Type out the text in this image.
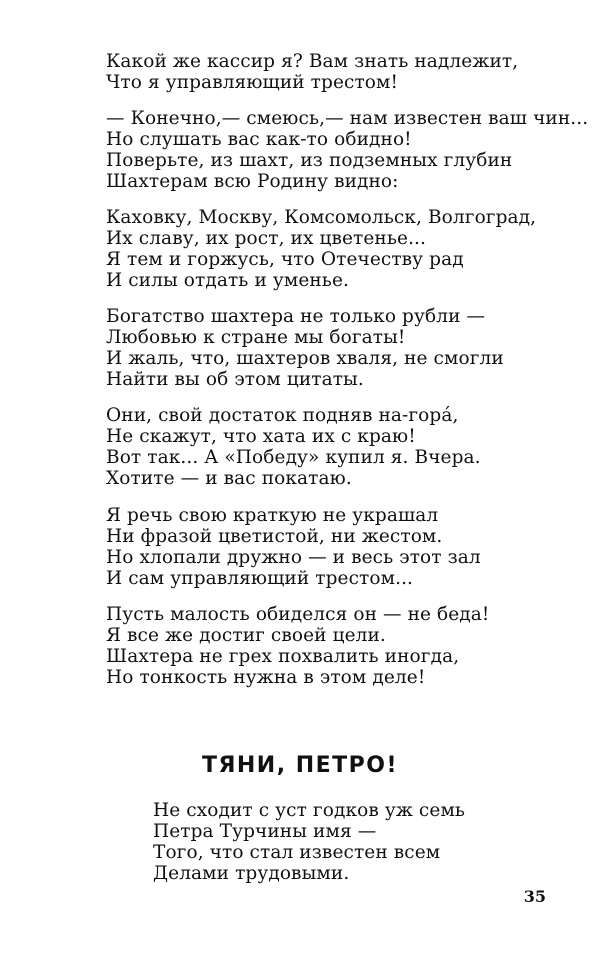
Какой же кассир я? Вам знать надлежит,
Что я управляющий трестом!
— Конечно,— смеюсь,— нам известен ваш чин...
Но слушать вас как-то обидно!
Поверьте, из шахт, из подземных глубин
Шахтерам всю Родину видно:
Каховку, Москву, Комсомольск, Волгоград,
Их славу, их рост, их цветенье...
Я тем и горжусь, что Отечеству рад
И силы отдать и уменье.
Богатство шахтера не только рубли —
Любовью к стране мы богаты!
И жаль, что, шахтеров хваля, не смогли
Найти вы об этом цитаты.
Они, свой достаток подняв на-гора́,
Не скажут, что хата их с краю!
Вот так... А «Победу» купил я. Вчера.
Хотите — и вас покатаю.
Я речь свою краткую не украшал
Ни фразой цветистой, ни жестом.
Но хлопали дружно — и весь этот зал
И сам управляющий трестом...
Пусть малость обиделся он — не беда!
Я все же достиг своей цели.
Шахтера не грех похвалить иногда,
Но тонкость нужна в этом деле!
ТЯНИ, ПЕТРО!
Не сходит с уст годков уж семь
Петра Турчины имя —
Того, что стал известен всем
Делами трудовыми.
35
